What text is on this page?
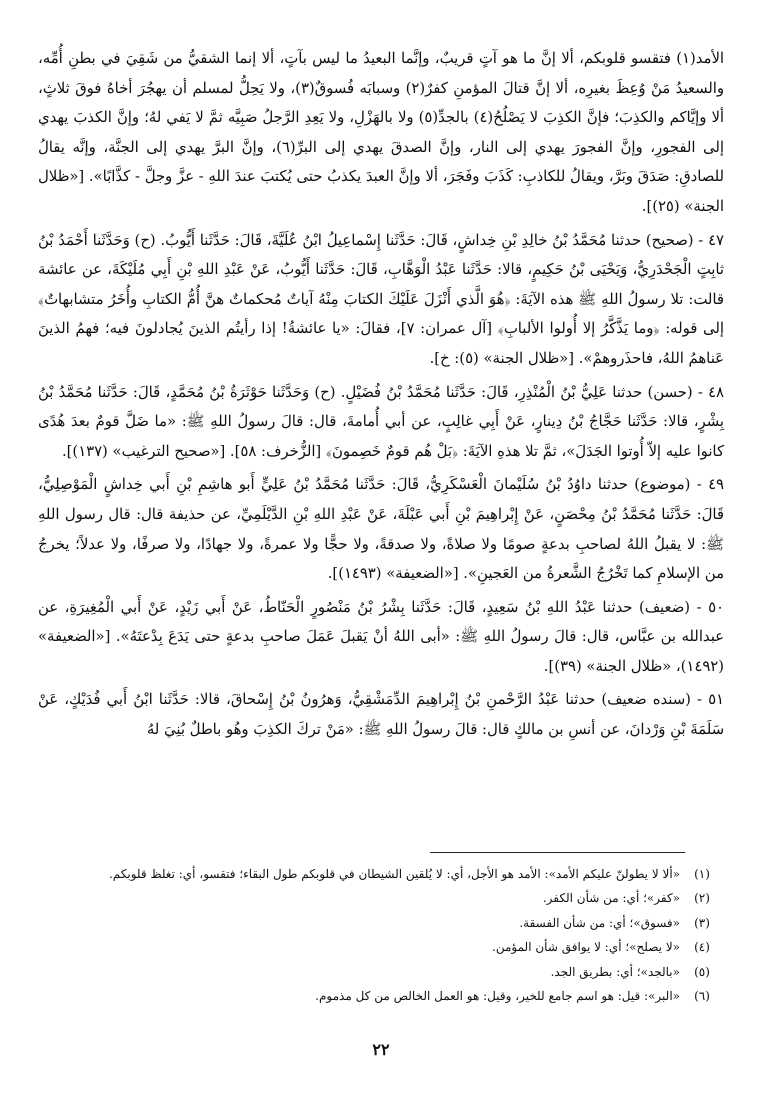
الأمد(١) فتقسو قلوبكم، ألا إنَّ ما هو آتٍ قريبٌ، وإنَّما البعيدُ ما ليس بآتٍ، ألا إنما الشقيُّ من شَقِيَ في بطنِ أُمِّه، والسعيدُ مَنْ وُعِظَ بغيرِه، ألا إنَّ قتالَ المؤمنِ كفرٌ(٢) وسبابَه فُسوقٌ(٣)، ولا يَحِلُّ لمسلم أن يهجُرَ أخاهُ فوقَ ثلاثٍ، ألا وإيَّاكم والكذِبَ؛ فإنَّ الكذِبَ لا يَصْلُحُ(٤) بالجدِّ(٥) ولا بالهَزْلِ، ولا يَعِدِ الرَّجلُ صَبِيَّه ثمَّ لا يَفي لهُ؛ وإنَّ الكذبَ يهدي إلى الفجورِ، وإنَّ الفجورَ يهدي إلى النار، وإنَّ الصدقَ يهدي إلى البرِّ(٦)، وإنَّ البرَّ يهدي إلى الجنَّة، وإنَّه يقالُ للصادقِ: صَدَقَ وبَرَّ، ويقالُ للكاذبِ: كَذَبَ وفَجَرَ، ألا وإنَّ العبدَ يكذبُ حتى يُكتبَ عندَ اللهِ - عزَّ وجلَّ - كذَّابًا». [«ظلال الجنة» (٢٥)].

٤٧ - (صحيح) حدثنا مُحَمَّدُ بْنُ خالِدِ بْنِ خِداشٍ، قَالَ: حَدَّثَنا إِسْماعِيلُ ابْنُ عُلَيَّةَ، قَالَ: حَدَّثَنا أَيُّوبُ. (ح) وَحَدَّثَنا أَحْمَدُ بْنُ ثابِتٍ الْجَحْدَرِيُّ، وَيَحْيَى بْنُ حَكِيمٍ، قالا: حَدَّثَنا عَبْدُ الْوَهَّابِ، قَالَ: حَدَّثَنا أَيُّوبُ، عَنْ عَبْدِ اللهِ بْنِ أَبِي مُلَيْكَةَ، عن عائشة قالت: تلا رسولُ اللهِ ﷺ هذه الآيَةَ: ﴿هُوَ الَّذي أَنْزَلَ عَلَيْكَ الكتابَ مِنْهُ آياتٌ مُحكماتٌ هنَّ أُمُّ الكتابِ وأُخَرُ متشابهاتٌ﴾ إلى قوله: ﴿وما يَذَّكَّرُ إلا أُولوا الألبابِ﴾ [آل عمران: ٧]، فقالَ: «يا عائشةُ! إذا رأيتُم الذينَ يُجادلونَ فيه؛ فهمُ الذينَ عَناهمُ اللهُ، فاحذَروهمْ». [«ظلال الجنة» (٥): خ].

٤٨ - (حسن) حدثنا عَلِيُّ بْنُ الْمُنْذِرِ، قَالَ: حَدَّثَنا مُحَمَّدُ بْنُ فُضَيْلٍ. (ح) وَحَدَّثَنا حَوْثَرَةُ بْنُ مُحَمَّدٍ، قَالَ: حَدَّثَنا مُحَمَّدُ بْنُ بِشْرٍ، قالا: حَدَّثَنا حَجَّاجُ بْنُ دِينارٍ، عَنْ أَبِي غالِبٍ، عن أبي أُمامةَ، قال: قالَ رسولُ اللهِ ﷺ: «ما ضَلَّ قومٌ بعدَ هُدًى كانوا عليه إلاّ أُوتوا الجَدَلَ»، ثمَّ تلا هذهِ الآيَةَ: ﴿بَلْ هُم قومٌ خَصِمونَ﴾ [الزُّخرف: ٥٨]. [«صحيح الترغيب» (١٣٧)].

٤٩ - (موضوع) حدثنا داوُدُ بْنُ سُلَيْمانَ الْعَسْكَرِيُّ، قَالَ: حَدَّثَنا مُحَمَّدُ بْنُ عَلِيٍّ أَبو هاشِمِ بْنِ أَبي خِداشٍ الْمَوْصِلِيُّ، قَالَ: حَدَّثَنا مُحَمَّدُ بْنُ مِحْصَنٍ، عَنْ إِبْراهِيمَ بْنِ أَبي عَبْلَةَ، عَنْ عَبْدِ اللهِ بْنِ الدَّيْلَمِيِّ، عن حذيفة قال: قال رسول اللهِ ﷺ: لا يقبلُ اللهُ لصاحبِ بدعةٍ صومًا ولا صلاةً، ولا صدقةً، ولا حجًّا ولا عمرةً، ولا جهادًا، ولا صرفًا، ولا عدلاً؛ يخرجُ من الإسلامِ كما تَخْرُجُ الشَّعرةُ من العَجينِ». [«الضعيفة» (١٤٩٣)].

٥٠ - (ضعيف) حدثنا عَبْدُ اللهِ بْنُ سَعِيدٍ، قَالَ: حَدَّثَنا بِشْرُ بْنُ مَنْصُورٍ الْحَنّاطُ، عَنْ أَبي زَيْدٍ، عَنْ أَبي الْمُغِيرَةِ، عن عبدالله بن عبَّاس، قال: قالَ رسولُ اللهِ ﷺ: «أبى اللهُ أنْ يَقبلَ عَمَلَ صاحبِ بدعةٍ حتى يَدَعَ بِدْعتَهُ». [«الضعيفة» (١٤٩٢)، «ظلال الجنة» (٣٩)].

٥١ - (سنده ضعيف) حدثنا عَبْدُ الرَّحْمنِ بْنُ إِبْراهِيمَ الدِّمَشْقِيُّ، وَهرُونُ بْنُ إِسْحاقَ، قالا: حَدَّثَنا ابْنُ أَبي فُدَيْكٍ، عَنْ سَلَمَةَ بْنِ وَرْدانَ، عن أنسِ بن مالكٍ قال: قالَ رسولُ اللهِ ﷺ: «مَنْ تركَ الكذِبَ وهُو باطلٌ بُنِيَ لهُ

(١)
«ألا لا يطولنّ عليكم الأمد»: الأمد هو الأجل، أي: لا يُلقين الشيطان في قلوبكم طول البقاء؛ فتقسو، أي: تغلظ قلوبكم.
(٢)
«كفر»؛ أي: من شأن الكفر.
(٣)
«فسوق»؛ أي: من شأن الفسقة.
(٤)
«لا يصلح»؛ أي: لا يوافق شأن المؤمن.
(٥)
«بالجد»؛ أي: بطريق الجد.
(٦)
«البر»: قيل: هو اسم جامع للخير، وقيل: هو العمل الخالص من كل مذموم.
٢٢
